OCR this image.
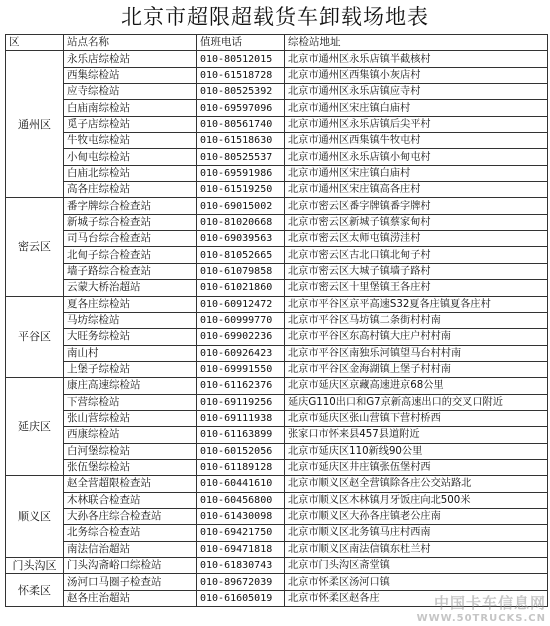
北京市超限超载货车卸载场地表
区	站点名称	值班电话	综检站地址
通州区	永乐店综检站	010-80512015	北京市通州区永乐店镇半截核村
	西集综检站	010-61518728	北京市通州区西集镇小灰店村
	应寺综检站	010-80525392	北京市通州区永乐店镇应寺村
	白庙南综检站	010-69597096	北京市通州区宋庄镇白庙村
	觅子店综检站	010-80561740	北京市通州区永乐店镇后尖平村
	牛牧屯综检站	010-61518630	北京市通州区西集镇牛牧屯村
	小甸屯综检站	010-80525537	北京市通州区永乐店镇小甸屯村
	白庙北综检站	010-69591986	北京市通州区宋庄镇白庙村
	高各庄综检站	010-61519250	北京市通州区宋庄镇高各庄村
密云区	番字牌综合检查站	010-69015002	北京市密云区番字牌镇番字牌村
	新城子综合检查站	010-81020668	北京市密云区新城子镇蔡家甸村
	司马台综合检查站	010-69039563	北京市密云区太师屯镇涝洼村
	北甸子综合检查站	010-81052665	北京市密云区古北口镇北甸子村
	墙子路综合检查站	010-61079858	北京市密云区大城子镇墙子路村
	云蒙大桥治超站	010-61021860	北京市密云区十里堡镇王各庄村
平谷区	夏各庄综检站	010-60912472	北京市平谷区京平高速S32夏各庄镇夏各庄村
	马坊综检站	010-60999770	北京市平谷区马坊镇二条街村村南
	大旺务综检站	010-69902236	北京市平谷区东高村镇大庄户村村南
	南山村	010-60926423	北京市平谷区南独乐河镇望马台村村南
	上堡子综检站	010-69991550	北京市平谷区金海湖镇上堡子村村南
延庆区	康庄高速综检站	010-61162376	北京市延庆区京藏高速进京68公里
	下营综检站	010-69119256	延庆G110出口和G7京新高速出口的交叉口附近
	张山营综检站	010-69111938	北京市延庆区张山营镇下营村桥西
	西康综检站	010-61163899	张家口市怀来县457县道附近
	白河堡综检站	010-60152056	北京市延庆区110新线90公里
	张伍堡综检站	010-61189128	北京市延庆区井庄镇张伍堡村西
顺义区	赵全营超限检查站	010-60441610	北京市顺义区赵全营镇除各庄公交站路北
	木林联合检查站	010-60456800	北京市顺义区木林镇月牙饭庄向北500米
	大孙各庄综合检查站	010-61430098	北京市顺义区大孙各庄镇老公庄南
	北务综合检查站	010-69421750	北京市顺义区北务镇马庄村西南
	南法信治超站	010-69471818	北京市顺义区南法信镇东杜兰村
门头沟区	门头沟斋峪口综检站	010-61830743	北京市门头沟区斋堂镇
怀柔区	汤河口马圈子检查站	010-89672039	北京市怀柔区汤河口镇
	赵各庄治超站	010-61605019	北京市怀柔区赵各庄	中国卡车信息网
WWW.50TRUCKS.CN
